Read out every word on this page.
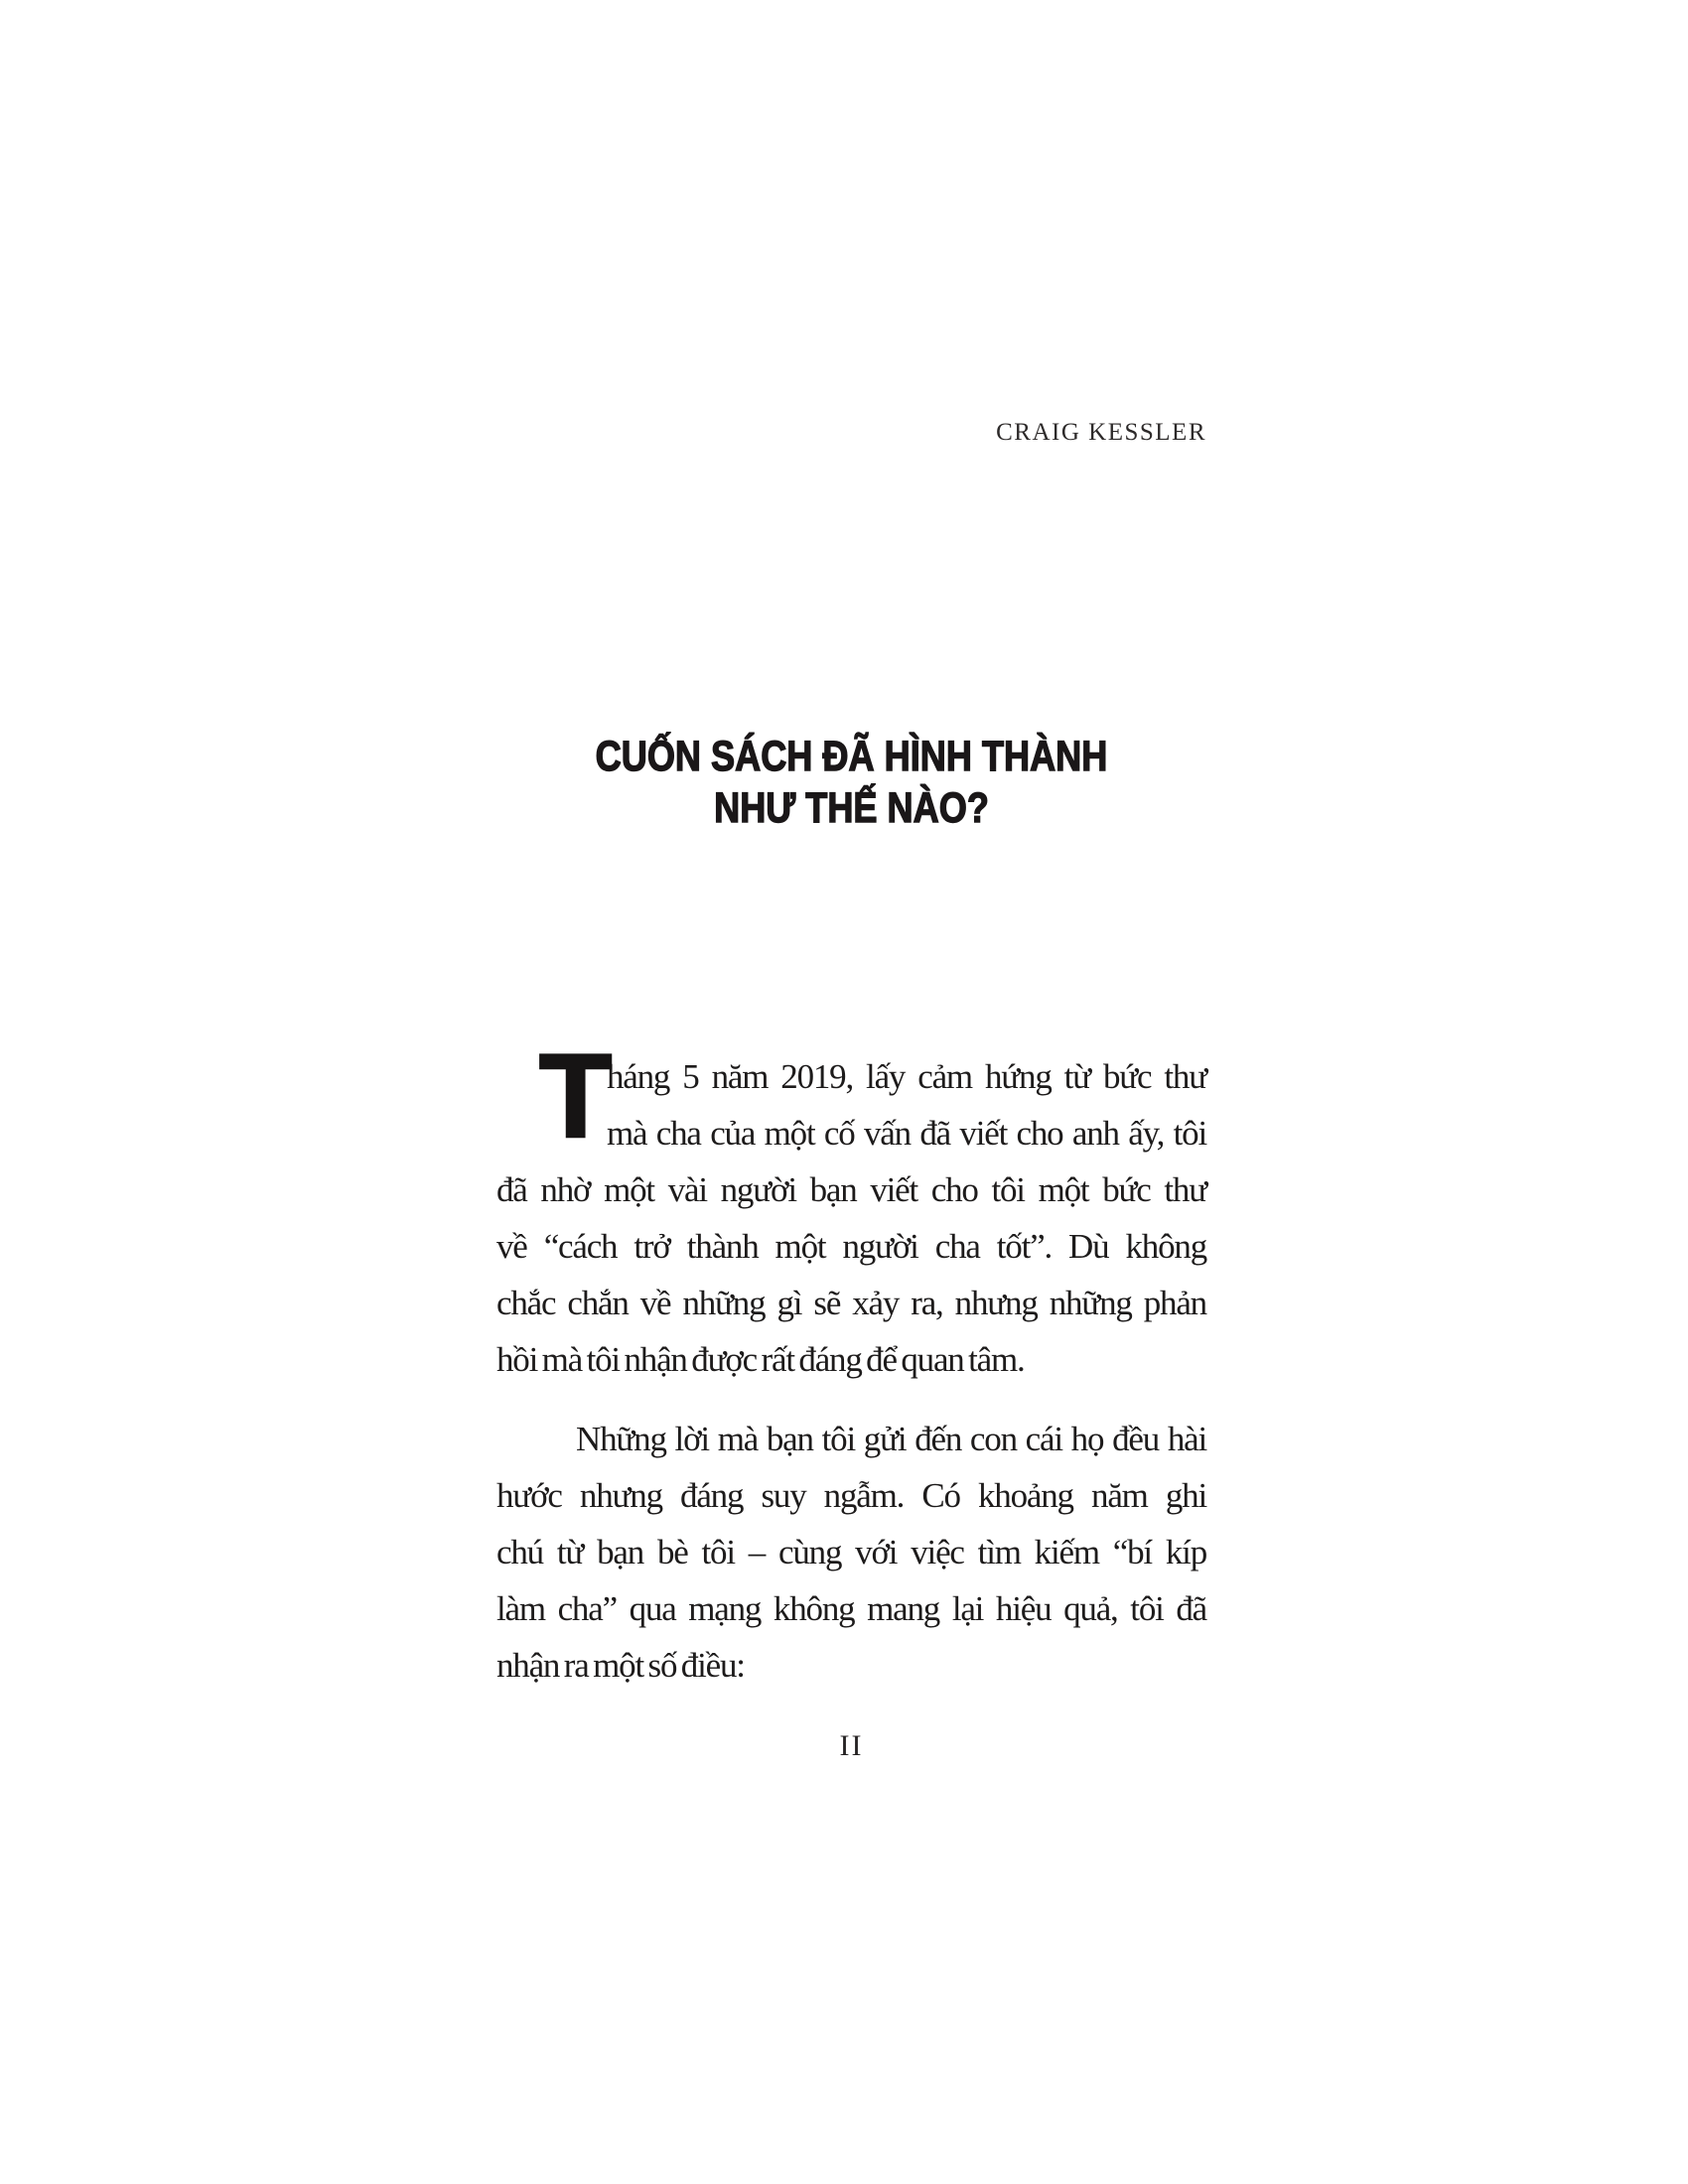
CRAIG KESSLER
CUỐN SÁCH ĐÃ HÌNH THÀNH
NHƯ THẾ NÀO?
T
háng 5 năm 2019, lấy cảm hứng từ bức thư
mà cha của một cố vấn đã viết cho anh ấy, tôi
đã nhờ một vài người bạn viết cho tôi một bức thư
về “cách trở thành một người cha tốt”. Dù không
chắc chắn về những gì sẽ xảy ra, nhưng những phản
hồi mà tôi nhận được rất đáng để quan tâm.
Những lời mà bạn tôi gửi đến con cái họ đều hài
hước nhưng đáng suy ngẫm. Có khoảng năm ghi
chú từ bạn bè tôi – cùng với việc tìm kiếm “bí kíp
làm cha” qua mạng không mang lại hiệu quả, tôi đã
nhận ra một số điều:
II
